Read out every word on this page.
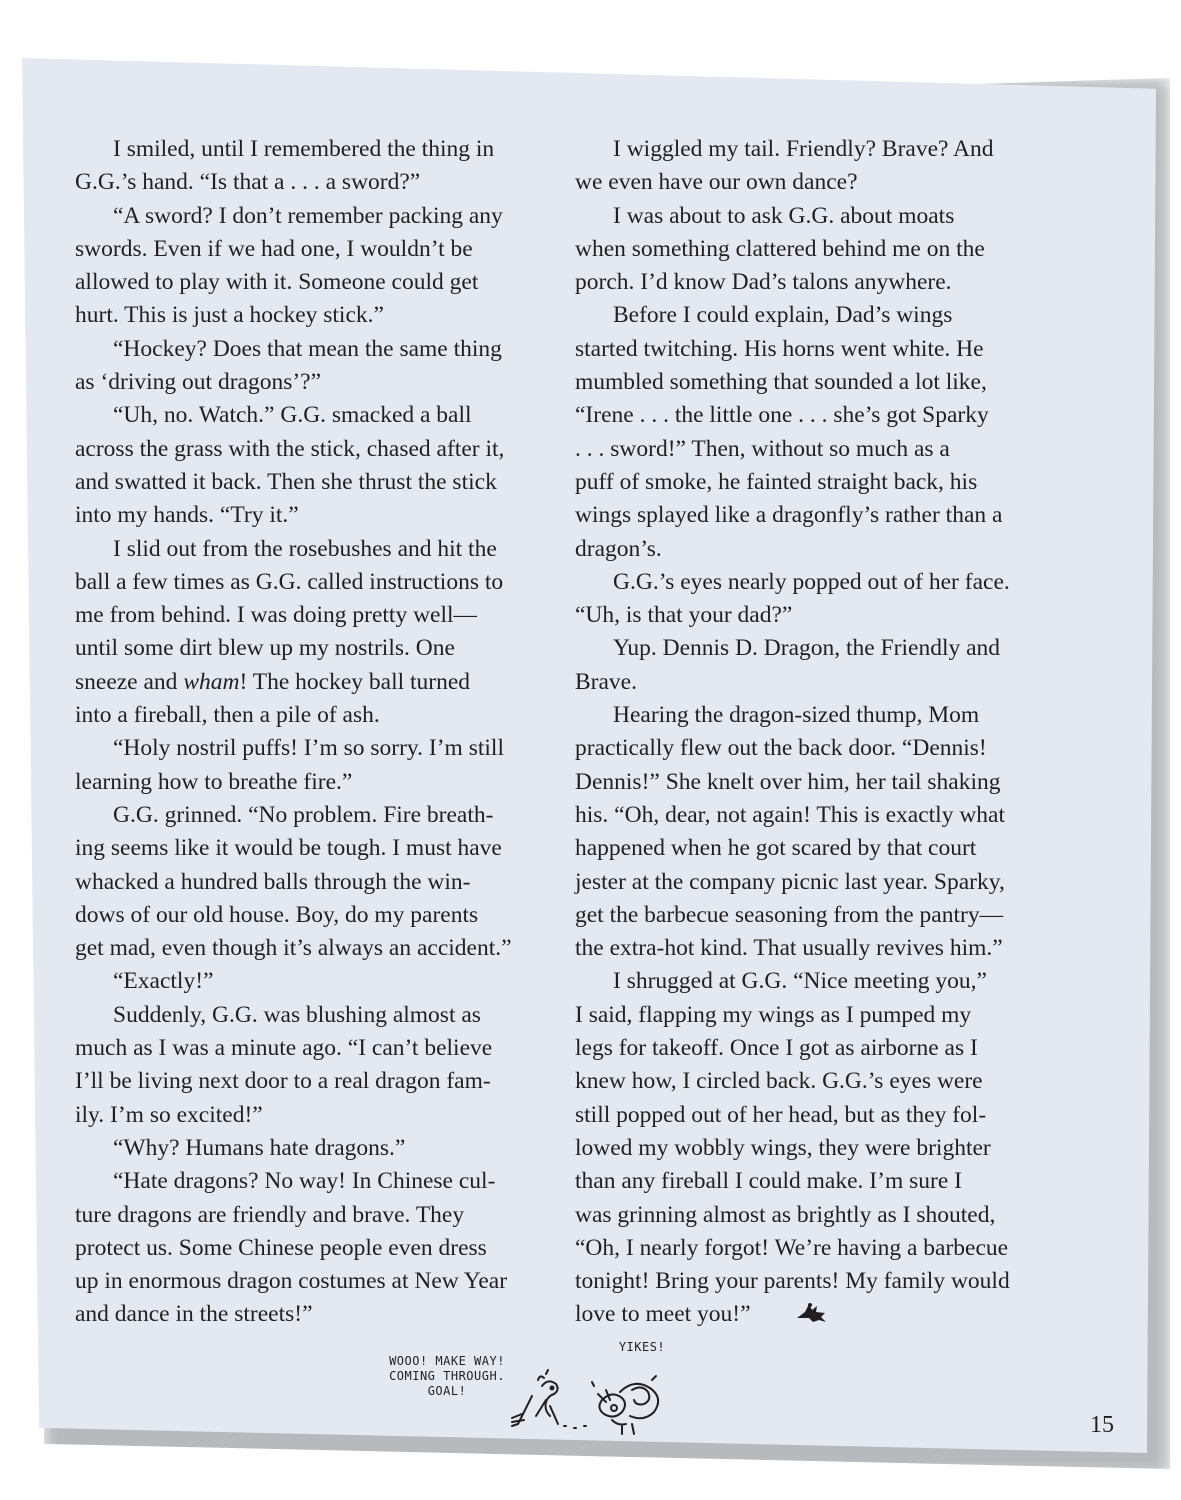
I smiled, until I remembered the thing in
G.G.’s hand. “Is that a . . . a sword?”

“A sword? I don’t remember packing any
swords. Even if we had one, I wouldn’t be
allowed to play with it. Someone could get
hurt. This is just a hockey stick.”

“Hockey? Does that mean the same thing
as ‘driving out dragons’?”

“Uh, no. Watch.” G.G. smacked a ball
across the grass with the stick, chased after it,
and swatted it back. Then she thrust the stick
into my hands. “Try it.”

I slid out from the rosebushes and hit the
ball a few times as G.G. called instructions to
me from behind. I was doing pretty well—
until some dirt blew up my nostrils. One
sneeze and wham! The hockey ball turned
into a fireball, then a pile of ash.

“Holy nostril puffs! I’m so sorry. I’m still
learning how to breathe fire.”

G.G. grinned. “No problem. Fire breath-
ing seems like it would be tough. I must have
whacked a hundred balls through the win-
dows of our old house. Boy, do my parents
get mad, even though it’s always an accident.”

“Exactly!”

Suddenly, G.G. was blushing almost as
much as I was a minute ago. “I can’t believe
I’ll be living next door to a real dragon fam-
ily. I’m so excited!”

“Why? Humans hate dragons.”

“Hate dragons? No way! In Chinese cul-
ture dragons are friendly and brave. They
protect us. Some Chinese people even dress
up in enormous dragon costumes at New Year
and dance in the streets!”

I wiggled my tail. Friendly? Brave? And
we even have our own dance?

I was about to ask G.G. about moats
when something clattered behind me on the
porch. I’d know Dad’s talons anywhere.

Before I could explain, Dad’s wings
started twitching. His horns went white. He
mumbled something that sounded a lot like,
“Irene . . . the little one . . . she’s got Sparky
. . . sword!” Then, without so much as a
puff of smoke, he fainted straight back, his
wings splayed like a dragonfly’s rather than a
dragon’s.

G.G.’s eyes nearly popped out of her face.
“Uh, is that your dad?”

Yup. Dennis D. Dragon, the Friendly and
Brave.

Hearing the dragon-sized thump, Mom
practically flew out the back door. “Dennis!
Dennis!” She knelt over him, her tail shaking
his. “Oh, dear, not again! This is exactly what
happened when he got scared by that court
jester at the company picnic last year. Sparky,
get the barbecue seasoning from the pantry—
the extra-hot kind. That usually revives him.”

I shrugged at G.G. “Nice meeting you,”
I said, flapping my wings as I pumped my
legs for takeoff. Once I got as airborne as I
knew how, I circled back. G.G.’s eyes were
still popped out of her head, but as they fol-
lowed my wobbly wings, they were brighter
than any fireball I could make. I’m sure I
was grinning almost as brightly as I shouted,
“Oh, I nearly forgot! We’re having a barbecue
tonight! Bring your parents! My family would
love to meet you!”

WOOO! MAKE WAY!
COMING THROUGH.
GOAL!
YIKES!
15
